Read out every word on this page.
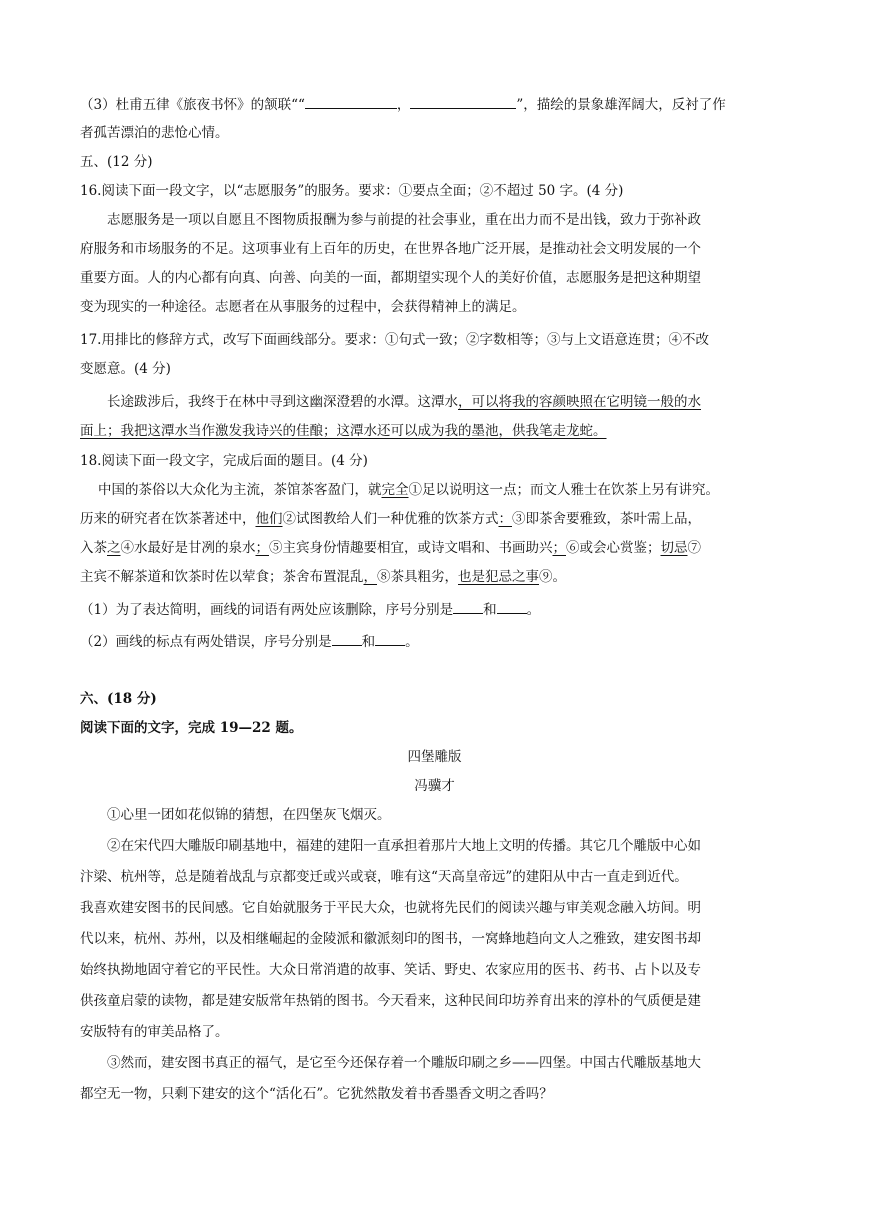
（3）杜甫五律《旅夜书怀》的颔联““	，	”，描绘的景象雄浑阔大，反衬了作
者孤苦漂泊的悲怆心情。
五、(12 分)
16.阅读下面一段文字，以“志愿服务”的服务。要求：①要点全面；②不超过 50 字。(4 分)
志愿服务是一项以自愿且不图物质报酬为参与前提的社会事业，重在出力而不是出钱，致力于弥补政
府服务和市场服务的不足。这项事业有上百年的历史，在世界各地广泛开展，是推动社会文明发展的一个
重要方面。人的内心都有向真、向善、向美的一面，都期望实现个人的美好价值，志愿服务是把这种期望
变为现实的一种途径。志愿者在从事服务的过程中，会获得精神上的满足。
17.用排比的修辞方式，改写下面画线部分。要求：①句式一致；②字数相等；③与上文语意连贯；④不改
变愿意。(4 分)
长途跋涉后，我终于在林中寻到这幽深澄碧的水潭。这潭水，可以将我的容颜映照在它明镜一般的水
面上；我把这潭水当作激发我诗兴的佳酿；这潭水还可以成为我的墨池，供我笔走龙蛇。
18.阅读下面一段文字，完成后面的题目。(4 分)
中国的茶俗以大众化为主流，茶馆茶客盈门，就完全①足以说明这一点；而文人雅士在饮茶上另有讲究。
历来的研究者在饮茶著述中，他们②试图教给人们一种优雅的饮茶方式：③即茶舍要雅致，茶叶需上品，
入茶之④水最好是甘冽的泉水；⑤主宾身份情趣要相宜，或诗文唱和、书画助兴；⑥或会心赏鉴；切忌⑦
主宾不解茶道和饮茶时佐以荤食；茶舍布置混乱，⑧茶具粗劣，也是犯忌之事⑨。
（1）为了表达简明，画线的词语有两处应该删除，序号分别是 和 。
（2）画线的标点有两处错误，序号分别是 和 。
六、(18 分)
阅读下面的文字，完成 19—22 题。
四堡雕版
冯骥才
①心里一团如花似锦的猜想，在四堡灰飞烟灭。
②在宋代四大雕版印刷基地中，福建的建阳一直承担着那片大地上文明的传播。其它几个雕版中心如
汴梁、杭州等，总是随着战乱与京都变迁或兴或衰，唯有这“天高皇帝远”的建阳从中古一直走到近代。
我喜欢建安图书的民间感。它自始就服务于平民大众，也就将先民们的阅读兴趣与审美观念融入坊间。明
代以来，杭州、苏州，以及相继崛起的金陵派和徽派刻印的图书，一窝蜂地趋向文人之雅致，建安图书却
始终执拗地固守着它的平民性。大众日常消遣的故事、笑话、野史、农家应用的医书、药书、占卜以及专
供孩童启蒙的读物，都是建安版常年热销的图书。今天看来，这种民间印坊养育出来的淳朴的气质便是建
安版特有的审美品格了。
③然而，建安图书真正的福气，是它至今还保存着一个雕版印刷之乡——四堡。中国古代雕版基地大
都空无一物，只剩下建安的这个“活化石”。它犹然散发着书香墨香文明之香吗？
